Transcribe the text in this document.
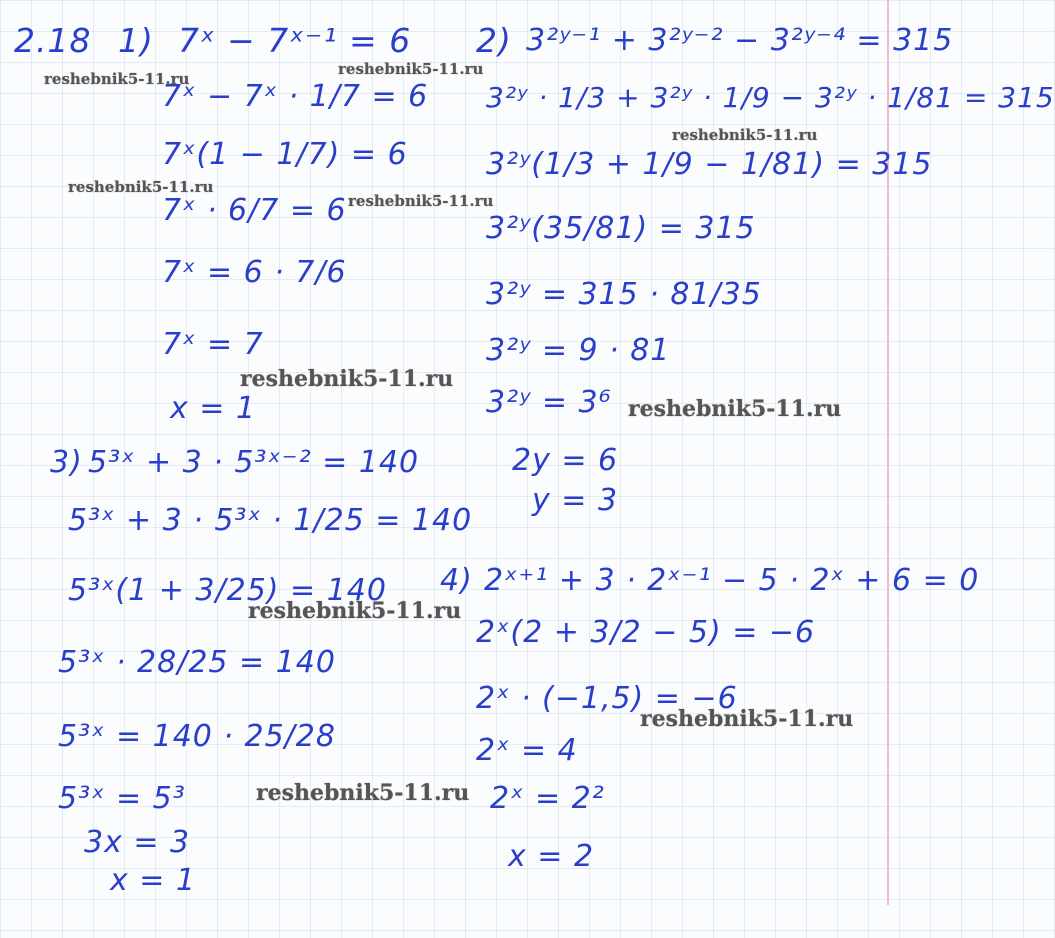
2.18 1) 7ˣ − 7ˣ⁻¹ = 6
7ˣ − 7ˣ · 1/7 = 6
7ˣ(1 − 1/7) = 6
7ˣ · 6/7 = 6
7ˣ = 6 · 7/6
7ˣ = 7
x = 1
2) 3²ʸ⁻¹ + 3²ʸ⁻² − 3²ʸ⁻⁴ = 315
3²ʸ · 1/3 + 3²ʸ · 1/9 − 3²ʸ · 1/81 = 315
3²ʸ(1/3 + 1/9 − 1/81) = 315
3²ʸ(35/81) = 315
3²ʸ = 315 · 81/35
3²ʸ = 9 · 81
3²ʸ = 3⁶
2y = 6
y = 3
3) 5³ˣ + 3 · 5³ˣ⁻² = 140
5³ˣ + 3 · 5³ˣ · 1/25 = 140
5³ˣ(1 + 3/25) = 140
5³ˣ · 28/25 = 140
5³ˣ = 140 · 25/28
5³ˣ = 5³
3x = 3
x = 1
4) 2ˣ⁺¹ + 3 · 2ˣ⁻¹ − 5 · 2ˣ + 6 = 0
2ˣ(2 + 3/2 − 5) = −6
2ˣ · (−1,5) = −6
2ˣ = 4
2ˣ = 2²
x = 2
reshebnik5-11.ru
reshebnik5-11.ru
reshebnik5-11.ru
reshebnik5-11.ru
reshebnik5-11.ru
reshebnik5-11.ru
reshebnik5-11.ru
reshebnik5-11.ru
reshebnik5-11.ru
reshebnik5-11.ru
